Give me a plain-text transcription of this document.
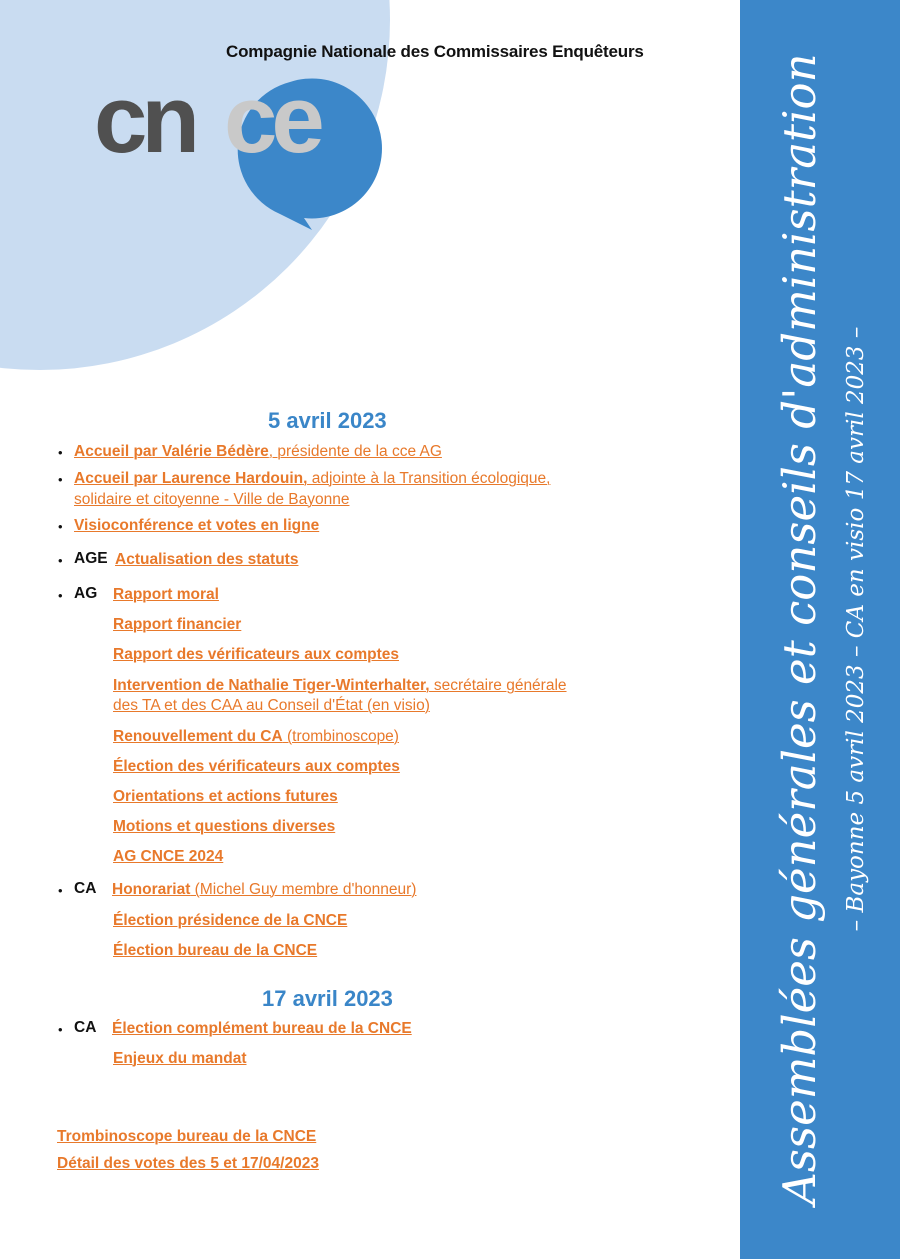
Compagnie Nationale des Commissaires Enquêteurs
cn ce	Assemblées générales et conseils d'administration – Bayonne 5 avril 2023 – CA en visio 17 avril 2023 –
5 avril 2023
• Accueil par Valérie Bédère, présidente de la cce AG
• Accueil par Laurence Hardouin, adjointe à la Transition écologique,
solidaire et citoyenne - Ville de Bayonne
• Visioconférence et votes en ligne
• AGE Actualisation des statuts
• AG Rapport moral
Rapport financier
Rapport des vérificateurs aux comptes
Intervention de Nathalie Tiger-Winterhalter, secrétaire générale
des TA et des CAA au Conseil d'État (en visio)
Renouvellement du CA (trombinoscope)
Élection des vérificateurs aux comptes
Orientations et actions futures
Motions et questions diverses
AG CNCE 2024
• CA Honorariat (Michel Guy membre d'honneur)
Élection présidence de la CNCE
Élection bureau de la CNCE
17 avril 2023
• CA Élection complément bureau de la CNCE
Enjeux du mandat
Trombinoscope bureau de la CNCE
Détail des votes des 5 et 17/04/2023
